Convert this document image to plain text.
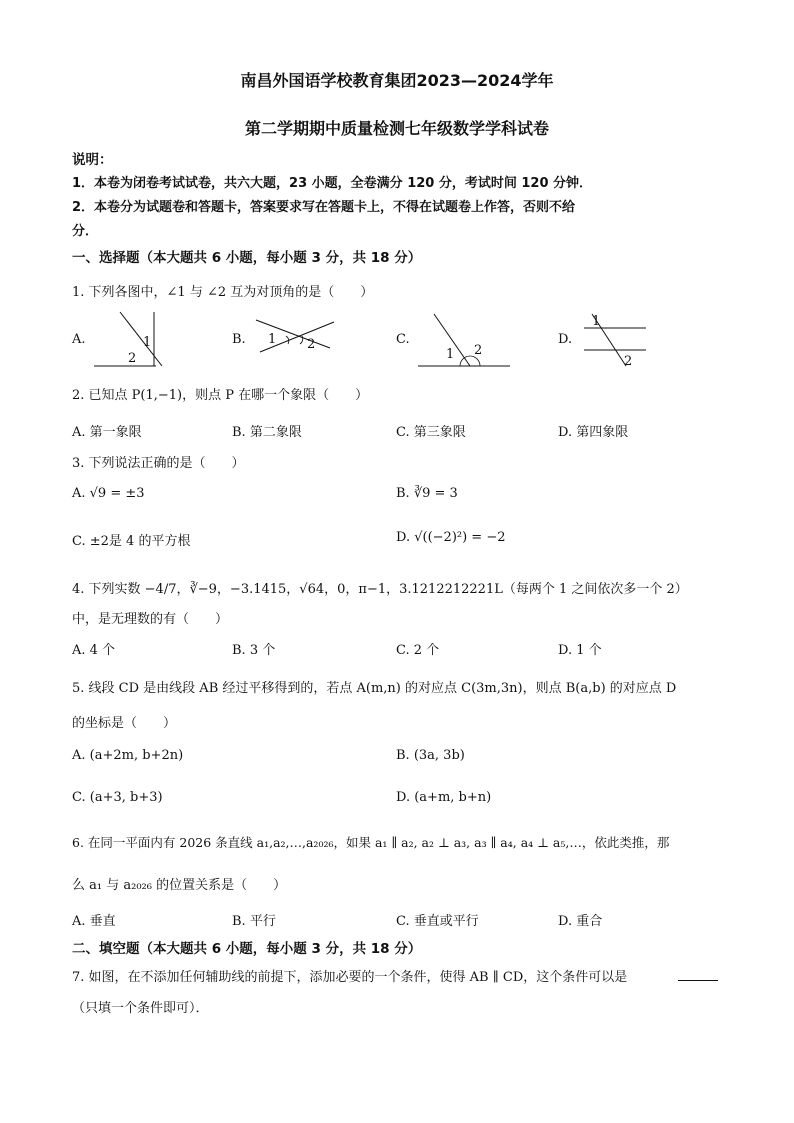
南昌外国语学校教育集团2023—2024学年
第二学期期中质量检测七年级数学学科试卷
说明：
1．本卷为闭卷考试试卷，共六大题，23 小题，全卷满分 120 分，考试时间 120 分钟．
2．本卷分为试题卷和答题卡，答案要求写在答题卡上，不得在试题卷上作答，否则不给
分．
一、选择题（本大题共 6 小题，每小题 3 分，共 18 分）
1. 下列各图中，∠1 与 ∠2 互为对顶角的是（　　）
A.
2
1	B. 1 2	C.
1 2
D.
1
2
2. 已知点 P(1,−1)，则点 P 在哪一个象限（　　）
A. 第一象限	B. 第二象限	C. 第三象限	D. 第四象限
3. 下列说法正确的是（　　）
A. √9 = ±3	B. ∛9 = 3
C. ±2是 4 的平方根	D. √((−2)²) = −2
4. 下列实数 −4/7，∛−9，−3.1415，√64，0，π−1，3.1212212221L（每两个 1 之间依次多一个 2）
中，是无理数的有（　　）
A. 4 个	B. 3 个	C. 2 个	D. 1 个
5. 线段 CD 是由线段 AB 经过平移得到的，若点 A(m,n) 的对应点 C(3m,3n)，则点 B(a,b) 的对应点 D
的坐标是（　　）
A. (a+2m, b+2n)	B. (3a, 3b)
C. (a+3, b+3)	D. (a+m, b+n)
6. 在同一平面内有 2026 条直线 a₁,a₂,…,a₂₀₂₆，如果 a₁ ∥ a₂, a₂ ⊥ a₃, a₃ ∥ a₄, a₄ ⊥ a₅,…，依此类推，那
么 a₁ 与 a₂₀₂₆ 的位置关系是（　　）
A. 垂直	B. 平行	C. 垂直或平行	D. 重合
二、填空题（本大题共 6 小题，每小题 3 分，共 18 分）
7. 如图，在不添加任何辅助线的前提下，添加必要的一个条件，使得 AB ∥ CD，这个条件可以是
（只填一个条件即可）．
